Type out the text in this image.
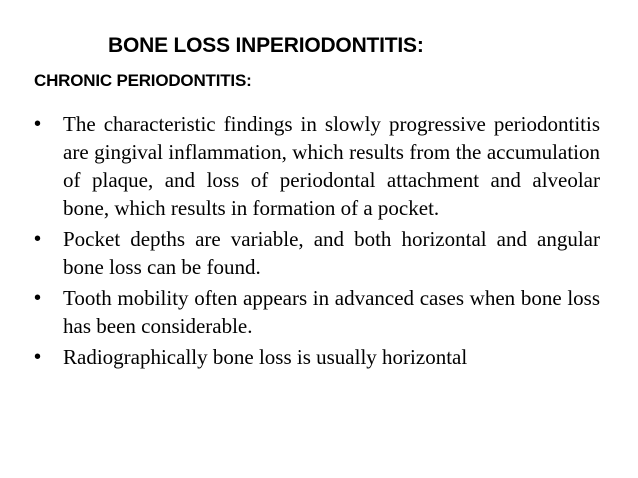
BONE LOSS INPERIODONTITIS:
CHRONIC PERIODONTITIS:
• The characteristic findings in slowly progressive periodontitis are gingival inflammation, which results from the accumulation of plaque, and loss of periodontal attachment and alveolar bone, which results in formation of a pocket.
• Pocket depths are variable, and both horizontal and angular bone loss can be found.
• Tooth mobility often appears in advanced cases when bone loss has been considerable.
• Radiographically bone loss is usually horizontal
